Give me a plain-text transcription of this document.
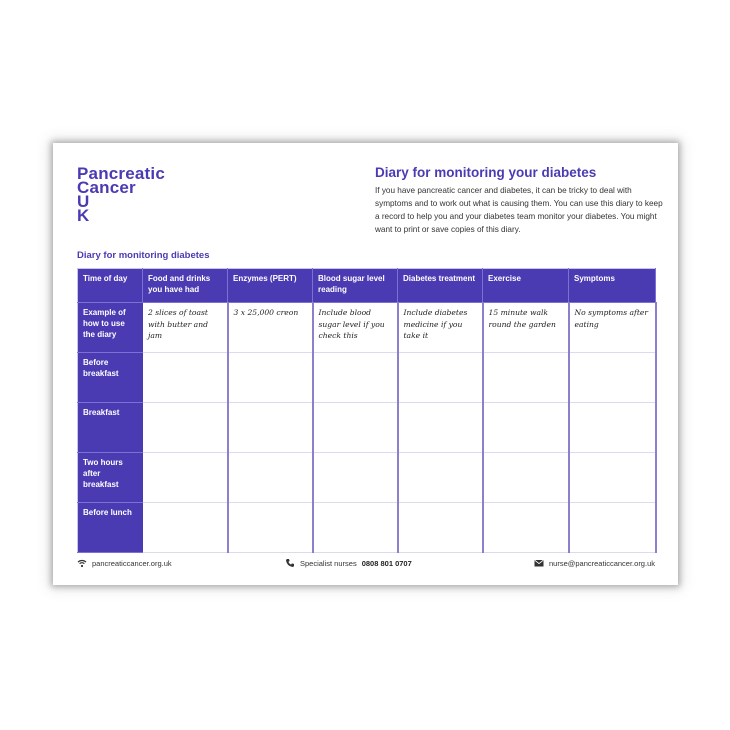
Pancreatic
Cancer
U
K
Diary for monitoring your diabetes

If you have pancreatic cancer and diabetes, it can be tricky to deal with symptoms and to work out what is causing them. You can use this diary to keep a record to help you and your diabetes team monitor your diabetes. You might want to print or save copies of this diary.

Diary for monitoring diabetes
Time of day	Food and drinks you have had	Enzymes (PERT)	Blood sugar level reading	Diabetes treatment	Exercise	Symptoms
Example of how to use the diary	2 slices of toast with butter and jam	3 x 25,000 creon	Include blood sugar level if you check this	Include diabetes medicine if you take it	15 minute walk round the garden	No symptoms after eating
Before breakfast						
Breakfast						
Two hours after breakfast						
Before lunch						
pancreaticcancer.org.uk	Specialist nurses 0808 801 0707	nurse@pancreaticcancer.org.uk
